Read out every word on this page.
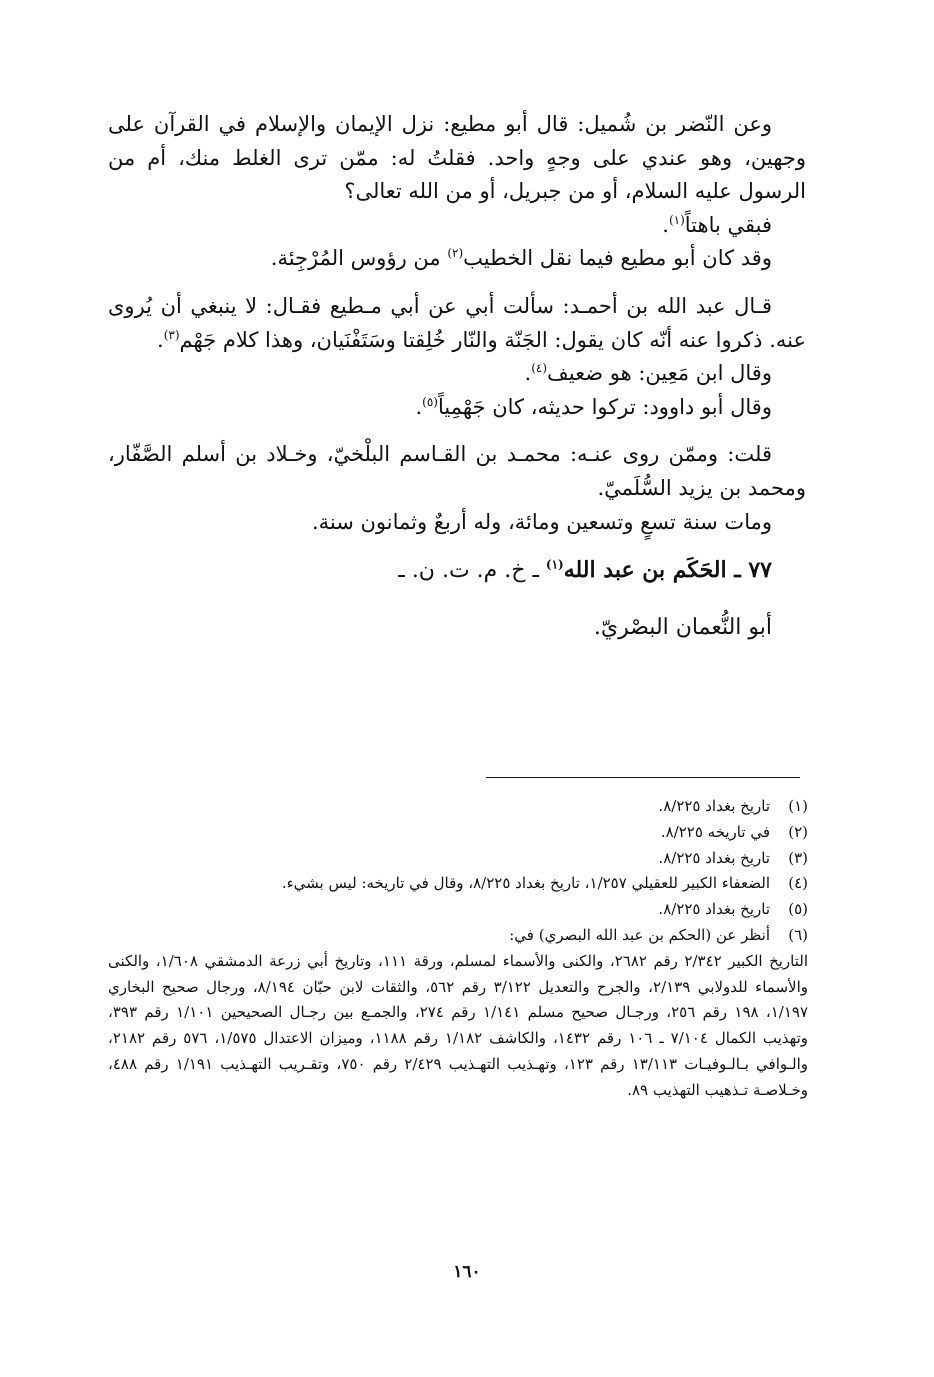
وعن النّضر بن شُميل: قال أبو مطيع: نزل الإيمان والإسلام في القرآن على وجهين، وهو عندي على وجهٍ واحد. فقلتُ له: ممّن ترى الغلط منك، أم من الرسول عليه السلام، أو من جبريل، أو من الله تعالى؟

فبقي باهتاً$^{(١)}$.

وقد كان أبو مطيع فيما نقل الخطيب$^{(٢)}$ من رؤوس المُرْجِئة.

قـال عبد الله بن أحمـد: سألت أبي عن أبي مـطيع فقـال: لا ينبغي أن يُروى عنه. ذكروا عنه أنّه كان يقول: الجَنّة والنّار خُلِقتا وسَتَفْنَيان، وهذا كلام جَهْم$^{(٣)}$.

وقال ابن مَعِين: هو ضعيف$^{(٤)}$.

وقال أبو داوود: تركوا حديثه، كان جَهْمِياً$^{(٥)}$.

قلت: وممّن روى عنـه: محمـد بن القـاسم البلْخيّ، وخـلاد بن أسلم الصَّفّار، ومحمد بن يزيد السُّلَميّ.

ومات سنة تسعٍ وتسعين ومائة، وله أربعٌ وثمانون سنة.

٧٧ ـ الحَكَم بن عبد الله$^{(١)}$ ـ خ. م. ت. ن. ـ

أبو النُّعمان البصْريّ.

(١)
تاريخ بغداد ٨/٢٢٥.
(٢)
في تاريخه ٨/٢٢٥.
(٣)
تاريخ بغداد ٨/٢٢٥.
(٤)
الضعفاء الكبير للعقيلي ١/٢٥٧، تاريخ بغداد ٨/٢٢٥، وقال في تاريخه: ليس بشيء.
(٥)
تاريخ بغداد ٨/٢٢٥.
(٦)
أنظر عن (الحكم بن عبد الله البصري) في:

التاريخ الكبير ٢/٣٤٢ رقم ٢٦٨٢، والكنى والأسماء لمسلم، ورقة ١١١، وتاريخ أبي زرعة الدمشقي ١/٦٠٨، والكنى والأسماء للدولابي ٢/١٣٩، والجرح والتعديل ٣/١٢٢ رقم ٥٦٢، والثقات لابن حبّان ٨/١٩٤، ورجال صحيح البخاري ١/١٩٧، ١٩٨ رقم ٢٥٦، ورجـال صحيح مسلم ١/١٤١ رقم ٢٧٤، والجمـع بين رجـال الصحيحين ١/١٠١ رقم ٣٩٣، وتهذيب الكمال ٧/١٠٤ ـ ١٠٦ رقم ١٤٣٢، والكاشف ١/١٨٢ رقم ١١٨٨، وميزان الاعتدال ١/٥٧٥، ٥٧٦ رقم ٢١٨٢، والـوافي بـالـوفيـات ١٣/١١٣ رقم ١٢٣، وتهـذيب التهـذيب ٢/٤٢٩ رقم ٧٥٠، وتقـريب التهـذيب ١/١٩١ رقم ٤٨٨، وخـلاصـة تـذهيب التهذيب ٨٩.

١٦٠
